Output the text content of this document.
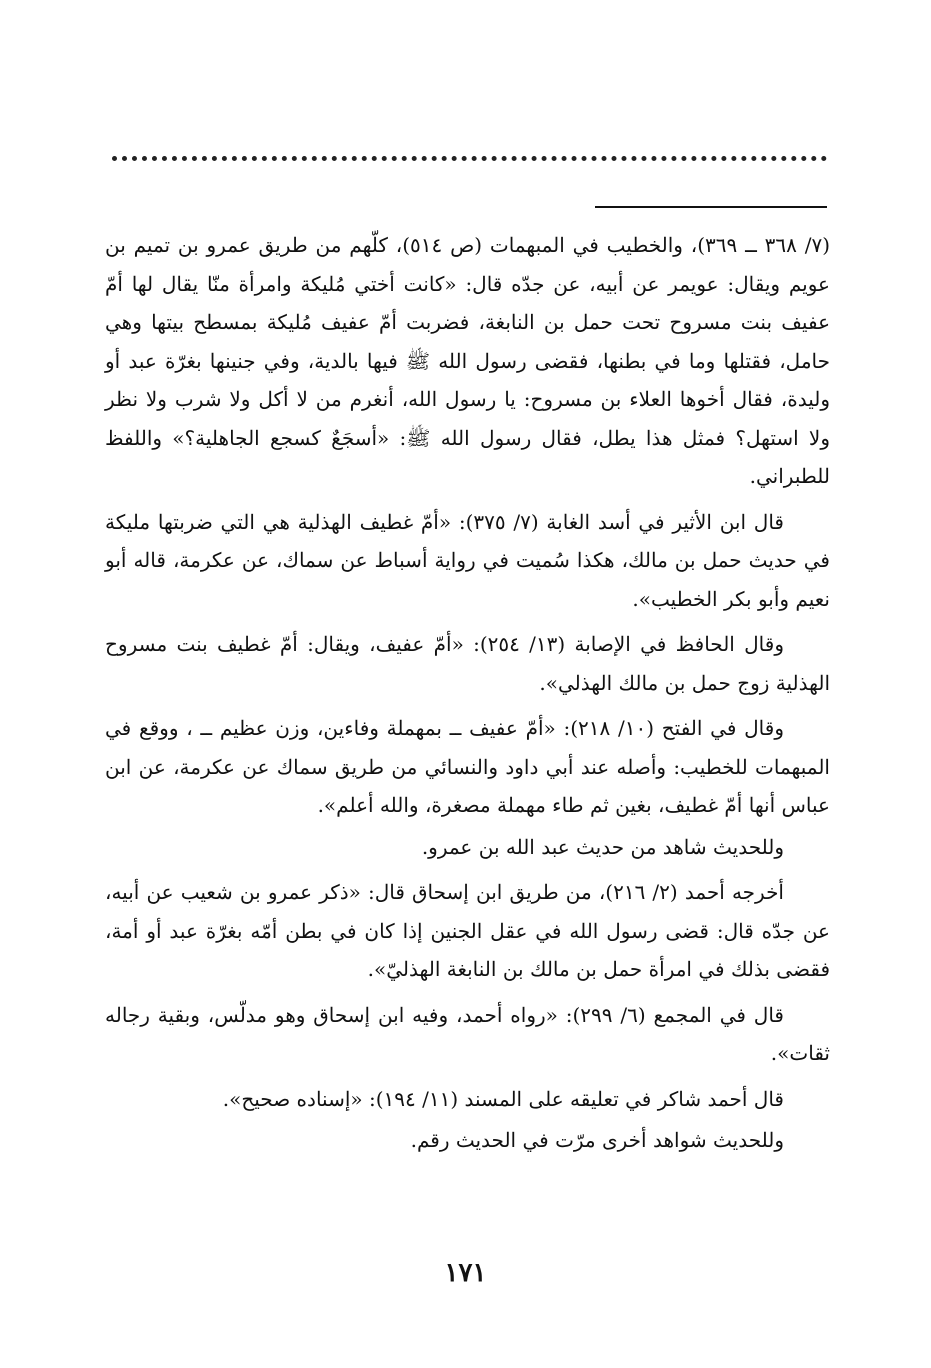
(٧/ ٣٦٨ ــ ٣٦٩)، والخطيب في المبهمات (ص ٥١٤)، كلّهم من طريق عمرو بن تميم بن عويم ويقال: عويمر عن أبيه، عن جدّه قال: «كانت أختي مُليكة وامرأة منّا يقال لها أمّ عفيف بنت مسروح تحت حمل بن النابغة، فضربت أمّ عفيف مُليكة بمسطح بيتها وهي حامل، فقتلها وما في بطنها، فقضى رسول الله ﷺ فيها بالدية، وفي جنينها بغرّة عبد أو وليدة، فقال أخوها العلاء بن مسروح: يا رسول الله، أنغرم من لا أكل ولا شرب ولا نظر ولا استهل؟ فمثل هذا يطل، فقال رسول الله ﷺ: «أسجَعٌ كسجع الجاهلية؟» واللفظ للطبراني.

قال ابن الأثير في أسد الغابة (٧/ ٣٧٥): «أمّ غطيف الهذلية هي التي ضربتها مليكة في حديث حمل بن مالك، هكذا سُميت في رواية أسباط عن سماك، عن عكرمة، قاله أبو نعيم وأبو بكر الخطيب».

وقال الحافظ في الإصابة (١٣/ ٢٥٤): «أمّ عفيف، ويقال: أمّ غطيف بنت مسروح الهذلية زوج حمل بن مالك الهذلي».

وقال في الفتح (١٠/ ٢١٨): «أمّ عفيف ــ بمهملة وفاءين، وزن عظيم ــ ، ووقع في المبهمات للخطيب: وأصله عند أبي داود والنسائي من طريق سماك عن عكرمة، عن ابن عباس أنها أمّ غطيف، بغين ثم طاء مهملة مصغرة، والله أعلم».

وللحديث شاهد من حديث عبد الله بن عمرو.

أخرجه أحمد (٢/ ٢١٦)، من طريق ابن إسحاق قال: «ذكر عمرو بن شعيب عن أبيه، عن جدّه قال: قضى رسول الله في عقل الجنين إذا كان في بطن أمّه بغرّة عبد أو أمة، فقضى بذلك في امرأة حمل بن مالك بن النابغة الهذليّ».

قال في المجمع (٦/ ٢٩٩): «رواه أحمد، وفيه ابن إسحاق وهو مدلّس، وبقية رجاله ثقات».

قال أحمد شاكر في تعليقه على المسند (١١/ ١٩٤): «إسناده صحيح».

وللحديث شواهد أخرى مرّت في الحديث رقم.

١٧١
